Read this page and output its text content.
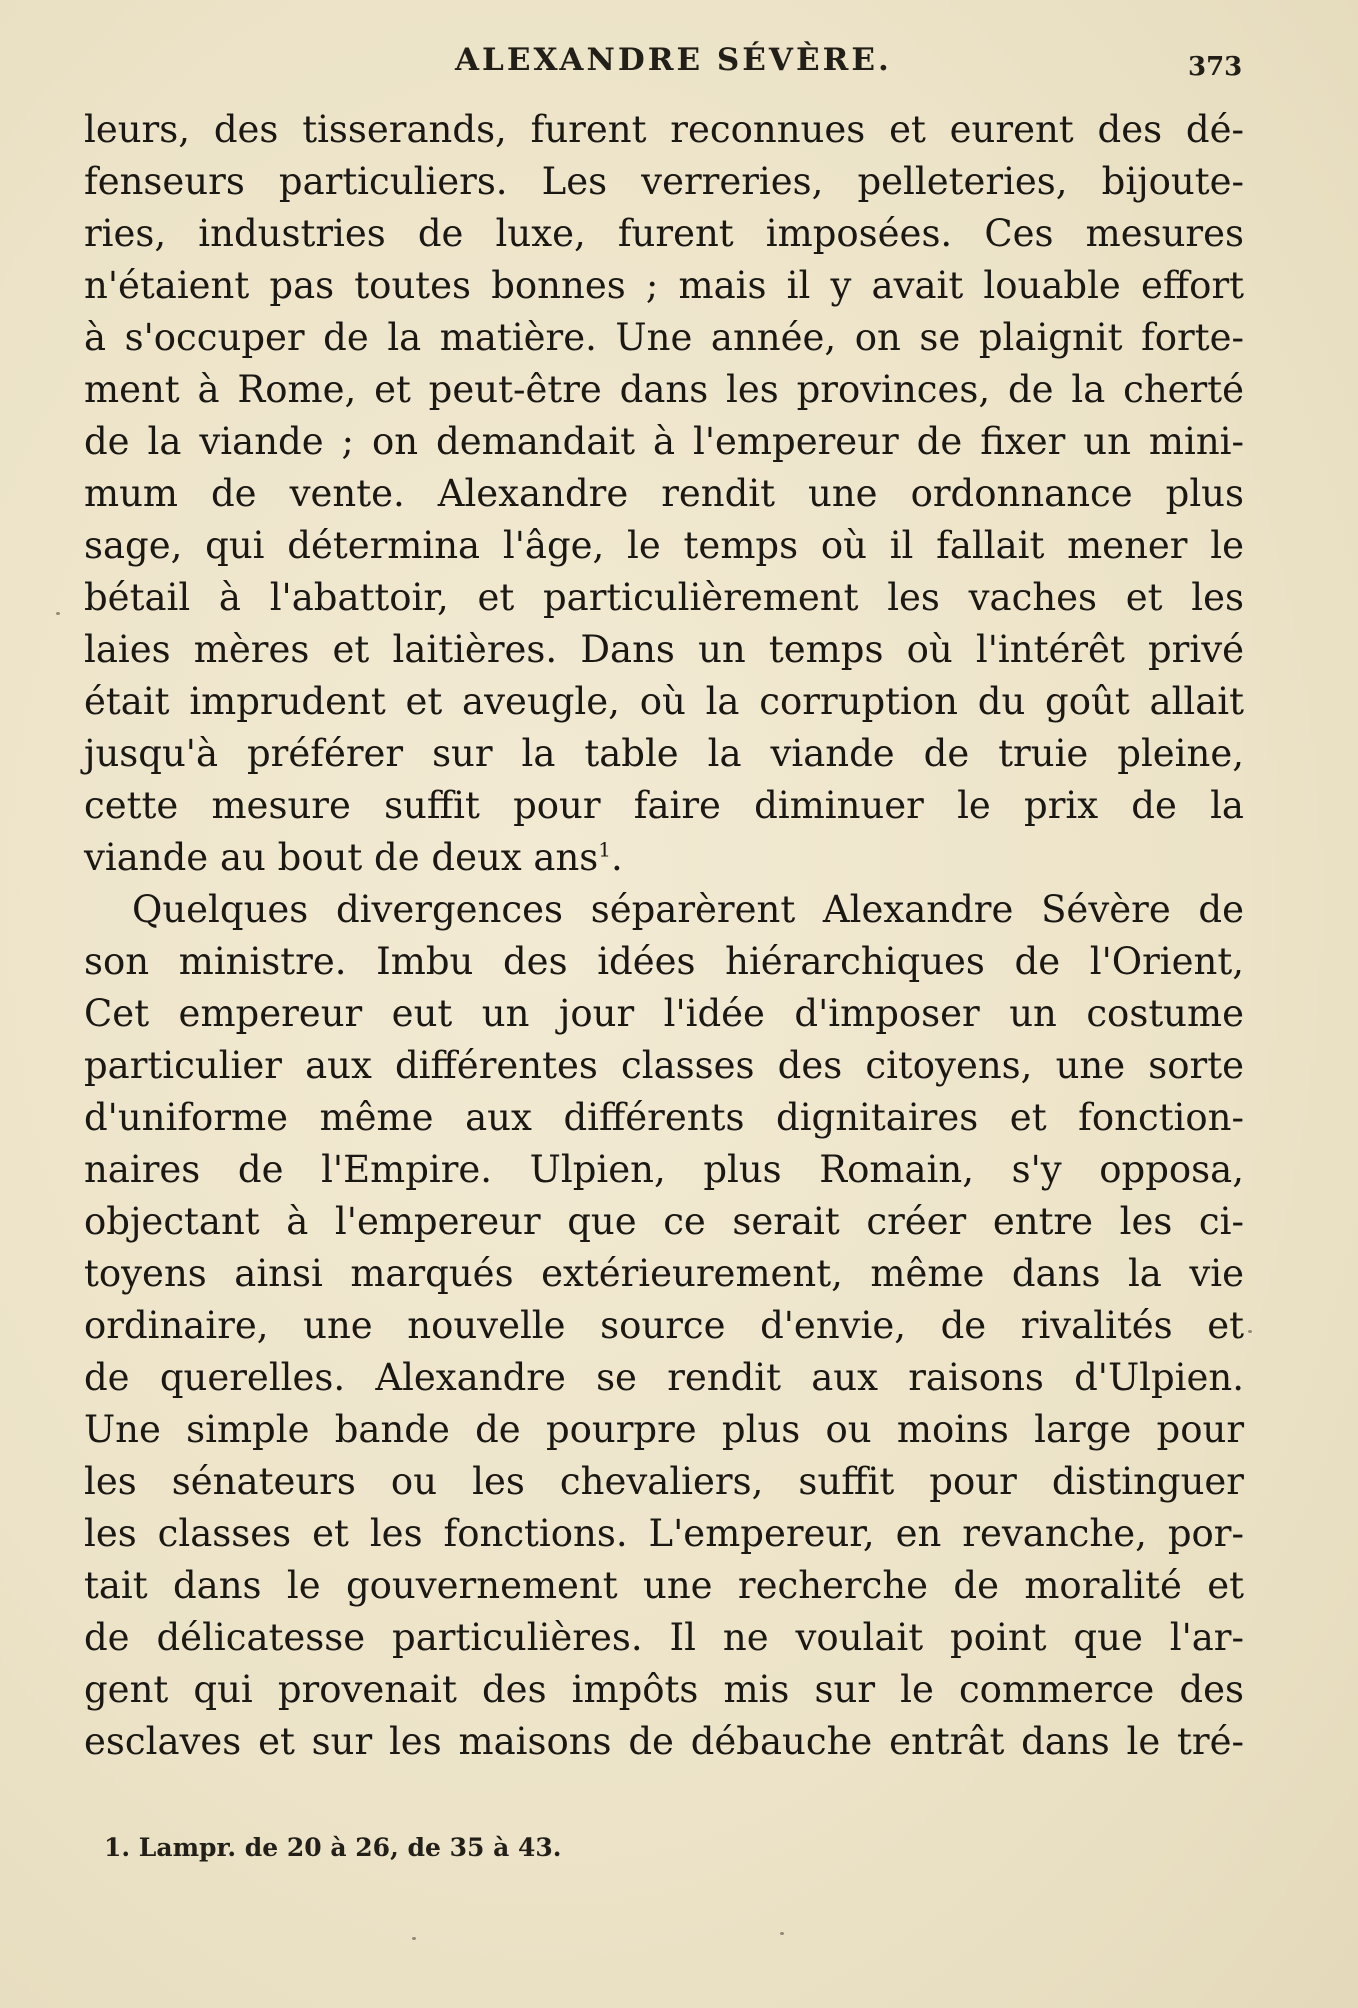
ALEXANDRE SÉVÈRE.	373
leurs, des tisserands, furent reconnues et eurent des dé-
fenseurs particuliers. Les verreries, pelleteries, bijoute-
ries, industries de luxe, furent imposées. Ces mesures
n'étaient pas toutes bonnes ; mais il y avait louable effort
à s'occuper de la matière. Une année, on se plaignit forte-
ment à Rome, et peut-être dans les provinces, de la cherté
de la viande ; on demandait à l'empereur de fixer un mini-
mum de vente. Alexandre rendit une ordonnance plus
sage, qui détermina l'âge, le temps où il fallait mener le
bétail à l'abattoir, et particulièrement les vaches et les
laies mères et laitières. Dans un temps où l'intérêt privé
était imprudent et aveugle, où la corruption du goût allait
jusqu'à préférer sur la table la viande de truie pleine,
cette mesure suffit pour faire diminuer le prix de la
viande au bout de deux ans$^1$.
Quelques divergences séparèrent Alexandre Sévère de
son ministre. Imbu des idées hiérarchiques de l'Orient,
Cet empereur eut un jour l'idée d'imposer un costume
particulier aux différentes classes des citoyens, une sorte
d'uniforme même aux différents dignitaires et fonction-
naires de l'Empire. Ulpien, plus Romain, s'y opposa,
objectant à l'empereur que ce serait créer entre les ci-
toyens ainsi marqués extérieurement, même dans la vie
ordinaire, une nouvelle source d'envie, de rivalités et
de querelles. Alexandre se rendit aux raisons d'Ulpien.
Une simple bande de pourpre plus ou moins large pour
les sénateurs ou les chevaliers, suffit pour distinguer
les classes et les fonctions. L'empereur, en revanche, por-
tait dans le gouvernement une recherche de moralité et
de délicatesse particulières. Il ne voulait point que l'ar-
gent qui provenait des impôts mis sur le commerce des
esclaves et sur les maisons de débauche entrât dans le tré-
1. Lampr. de 20 à 26, de 35 à 43.
